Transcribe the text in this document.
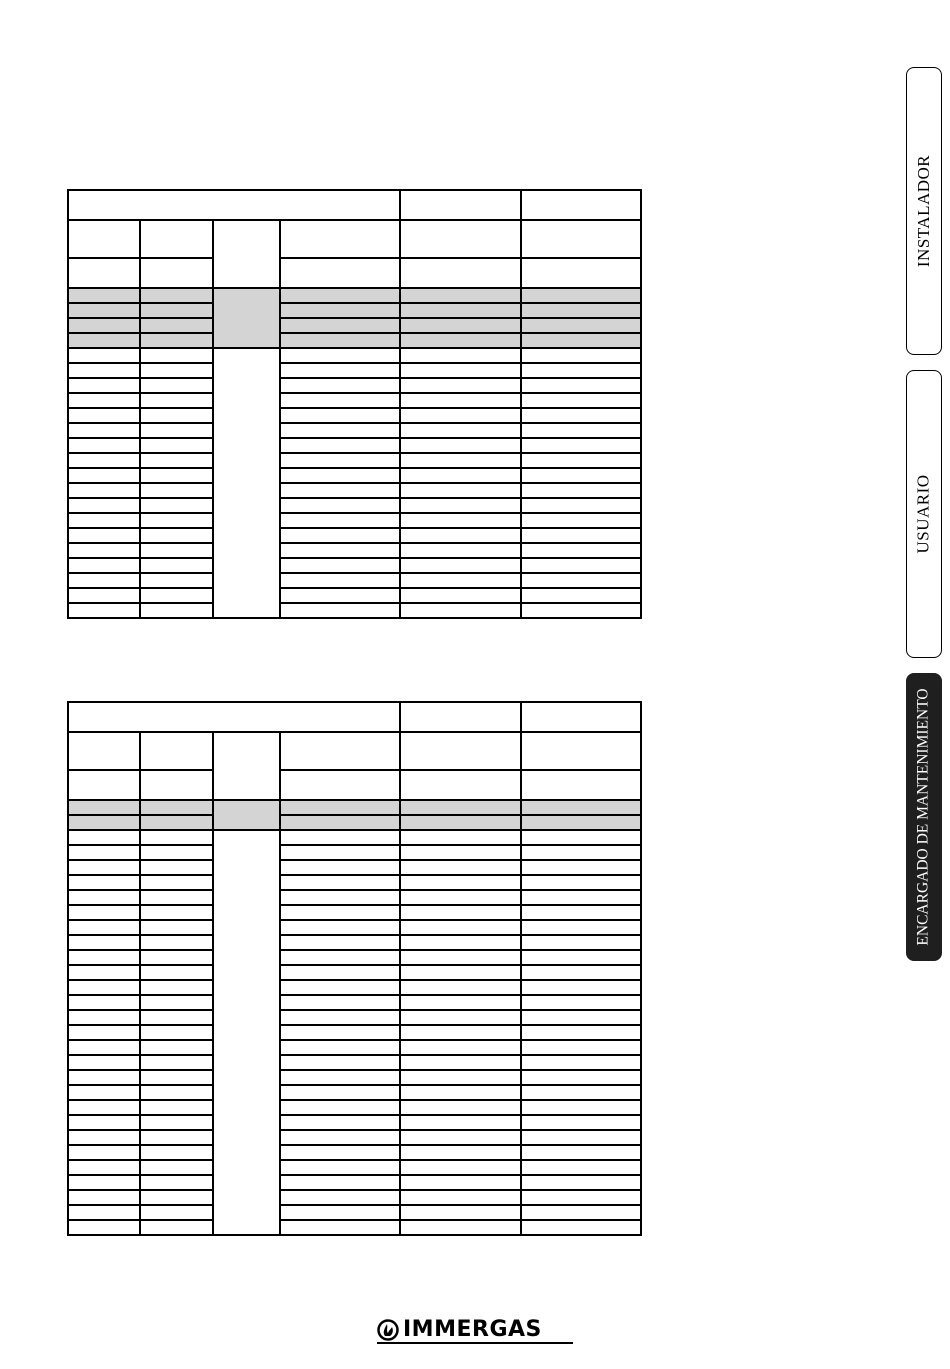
INSTALADOR
USUARIO
ENCARGADO DE MANTENIMIENTO
IMMERGAS
